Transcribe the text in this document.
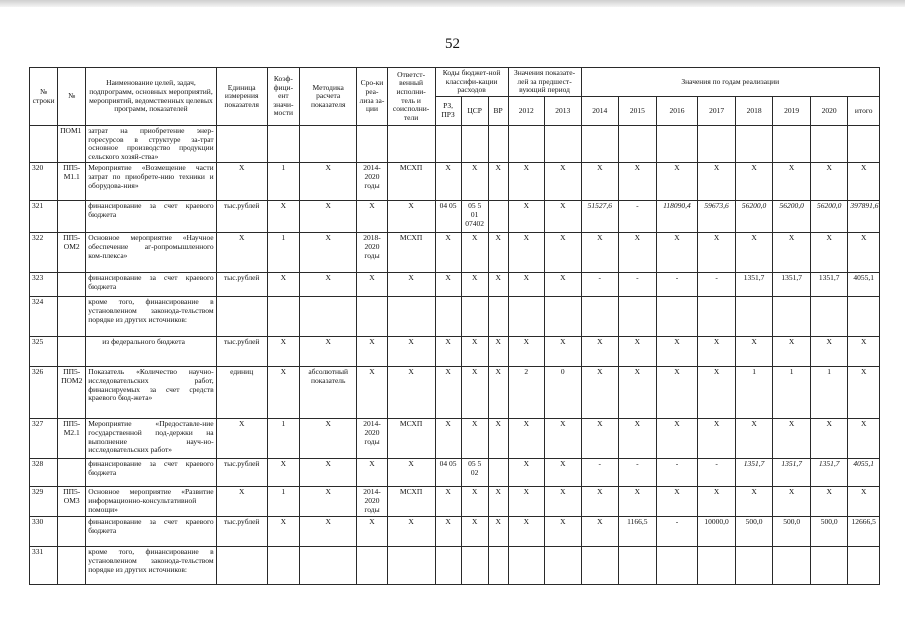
52
№ строки	№	Наименование целей, задач, подпрограмм, основных мероприятий, мероприятий, ведомственных целевых программ, показателей	Единица измерения показателя	Коэф-фици-ент значи-мости	Методика расчета показателя	Сро-ки реа-лиза за-ции	Ответст-венный исполни-тель и соисполни-тели	Коды бюджет-ной классифи-кации расходов			Значения показате-лей за предшест-вующий период		Значения по годам реализации							
								РЗ, ПРЗ	ЦСР	ВР	2012	2013	2014	2015	2016	2017	2018	2019	2020	итого
	ПОМ1	затрат на приобретение энер-горесурсов в структуре за-трат основное производство продукции сельского хозяй-ства»																		
320	ПП5-М1.1	Мероприятие «Возмещение части затрат по приобрете-нию техники и оборудова-ния»	Х	1	Х	2014-2020 годы	МСХП	Х	Х	Х	Х	Х	Х	Х	Х	Х	Х	Х	Х	Х
321		финансирование за счет краевого бюджета	тыс.рублей	Х	Х	Х	Х	04 05	05 5 01 07402		Х	Х	51527,6	-	118090,4	59673,6	56200,0	56200,0	56200,0	397891,6
322	ПП5-ОМ2	Основное мероприятие «Научное обеспечение аг-ропромышленного ком-плекса»	Х	1	Х	2018-2020 годы	МСХП	Х	Х	Х	Х	Х	Х	Х	Х	Х	Х	Х	Х	Х
323		финансирование за счет краевого бюджета	тыс.рублей	Х	Х	Х	Х	Х	Х	Х	Х	Х	-	-	-	-	1351,7	1351,7	1351,7	4055,1
324		кроме того, финансирование в установленном законода-тельством порядке из других источников:																		
325		из федерального бюджета	тыс.рублей	Х	Х	Х	Х	Х	Х	Х	Х	Х	Х	Х	Х	Х	Х	Х	Х	Х
326	ПП5-ПОМ2	Показатель «Количество научно-исследовательских работ, финансируемых за счет средств краевого бюд-жета»	единиц	Х	абсолютный показатель	Х	Х	Х	Х	Х	2	0	Х	Х	Х	Х	1	1	1	Х
327	ПП5-М2.1	Мероприятие «Предоставле-ние государственной под-держки на выполнение науч-но-исследовательских работ»	Х	1	Х	2014-2020 годы	МСХП	Х	Х	Х	Х	Х	Х	Х	Х	Х	Х	Х	Х	Х
328		финансирование за счет краевого бюджета	тыс.рублей	Х	Х	Х	Х	04 05	05 5 02		Х	Х	-	-	-	-	1351,7	1351,7	1351,7	4055,1
329	ПП5-ОМ3	Основное мероприятие «Развитие информационно-консультативной помощи»	Х	1	Х	2014-2020 годы	МСХП	Х	Х	Х	Х	Х	Х	Х	Х	Х	Х	Х	Х	Х
330		финансирование за счет краевого бюджета	тыс.рублей	Х	Х	Х	Х	Х	Х	Х	Х	Х	Х	1166,5	-	10000,0	500,0	500,0	500,0	12666,5
331		кроме того, финансирование в установленном законода-тельством порядке из других источников:																		
